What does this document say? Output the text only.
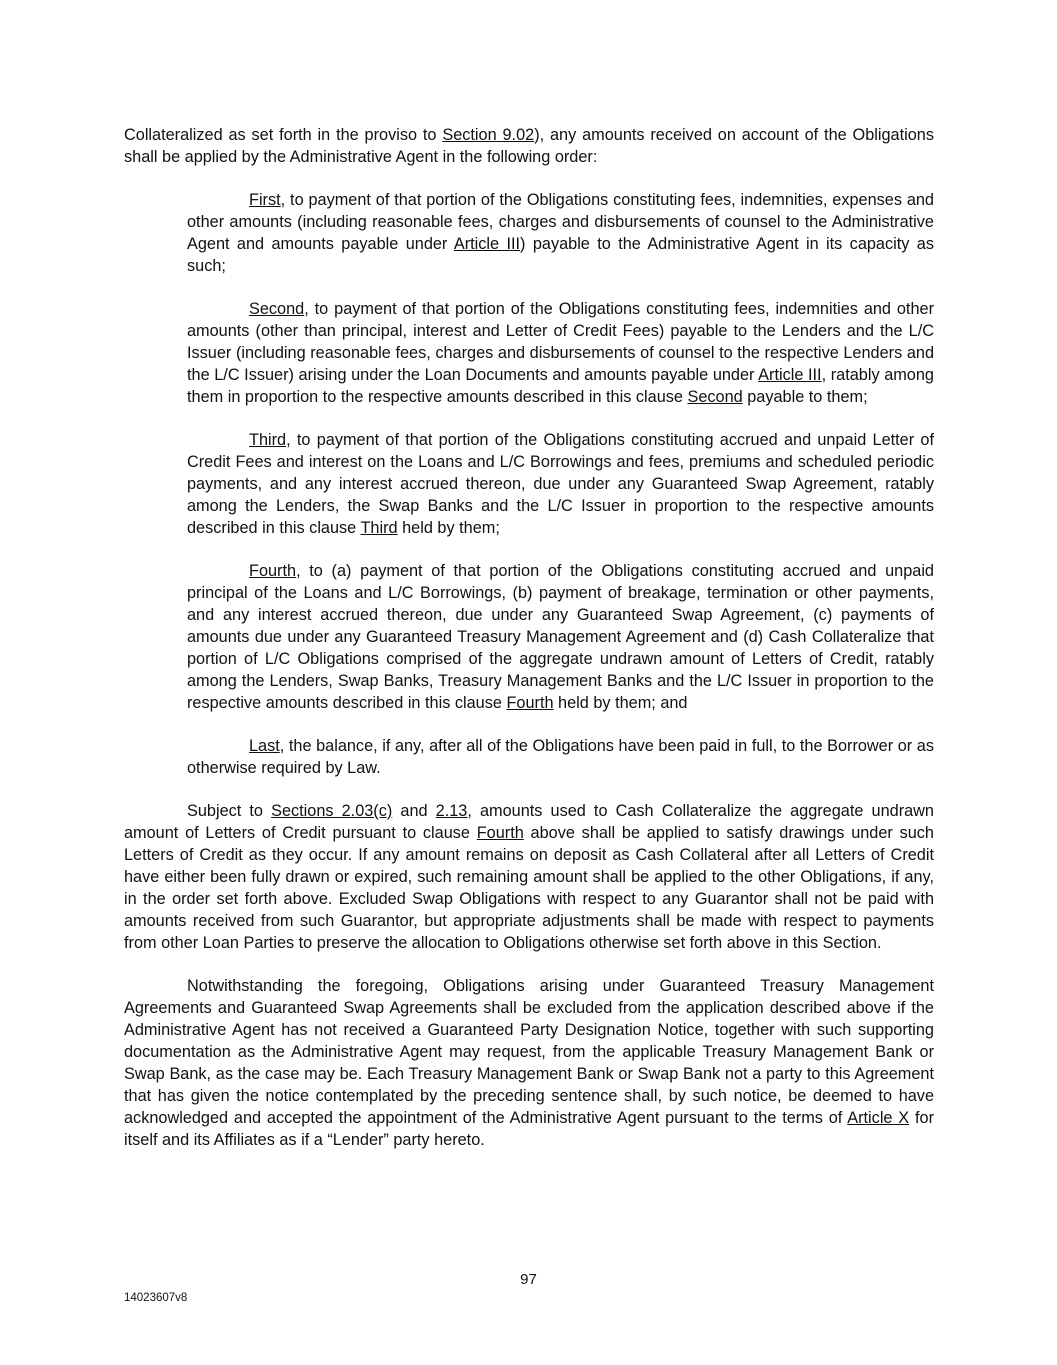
Collateralized as set forth in the proviso to Section 9.02), any amounts received on account of the Obligations shall be applied by the Administrative Agent in the following order:

First, to payment of that portion of the Obligations constituting fees, indemnities, expenses and other amounts (including reasonable fees, charges and disbursements of counsel to the Administrative Agent and amounts payable under Article III) payable to the Administrative Agent in its capacity as such;

Second, to payment of that portion of the Obligations constituting fees, indemnities and other amounts (other than principal, interest and Letter of Credit Fees) payable to the Lenders and the L/C Issuer (including reasonable fees, charges and disbursements of counsel to the respective Lenders and the L/C Issuer) arising under the Loan Documents and amounts payable under Article III, ratably among them in proportion to the respective amounts described in this clause Second payable to them;

Third, to payment of that portion of the Obligations constituting accrued and unpaid Letter of Credit Fees and interest on the Loans and L/C Borrowings and fees, premiums and scheduled periodic payments, and any interest accrued thereon, due under any Guaranteed Swap Agreement, ratably among the Lenders, the Swap Banks and the L/C Issuer in proportion to the respective amounts described in this clause Third held by them;

Fourth, to (a) payment of that portion of the Obligations constituting accrued and unpaid principal of the Loans and L/C Borrowings, (b) payment of breakage, termination or other payments, and any interest accrued thereon, due under any Guaranteed Swap Agreement, (c) payments of amounts due under any Guaranteed Treasury Management Agreement and (d) Cash Collateralize that portion of L/C Obligations comprised of the aggregate undrawn amount of Letters of Credit, ratably among the Lenders, Swap Banks, Treasury Management Banks and the L/C Issuer in proportion to the respective amounts described in this clause Fourth held by them; and

Last, the balance, if any, after all of the Obligations have been paid in full, to the Borrower or as otherwise required by Law.

Subject to Sections 2.03(c) and 2.13, amounts used to Cash Collateralize the aggregate undrawn amount of Letters of Credit pursuant to clause Fourth above shall be applied to satisfy drawings under such Letters of Credit as they occur. If any amount remains on deposit as Cash Collateral after all Letters of Credit have either been fully drawn or expired, such remaining amount shall be applied to the other Obligations, if any, in the order set forth above. Excluded Swap Obligations with respect to any Guarantor shall not be paid with amounts received from such Guarantor, but appropriate adjustments shall be made with respect to payments from other Loan Parties to preserve the allocation to Obligations otherwise set forth above in this Section.

Notwithstanding the foregoing, Obligations arising under Guaranteed Treasury Management Agreements and Guaranteed Swap Agreements shall be excluded from the application described above if the Administrative Agent has not received a Guaranteed Party Designation Notice, together with such supporting documentation as the Administrative Agent may request, from the applicable Treasury Management Bank or Swap Bank, as the case may be. Each Treasury Management Bank or Swap Bank not a party to this Agreement that has given the notice contemplated by the preceding sentence shall, by such notice, be deemed to have acknowledged and accepted the appointment of the Administrative Agent pursuant to the terms of Article X for itself and its Affiliates as if a “Lender” party hereto.

97
14023607v8
